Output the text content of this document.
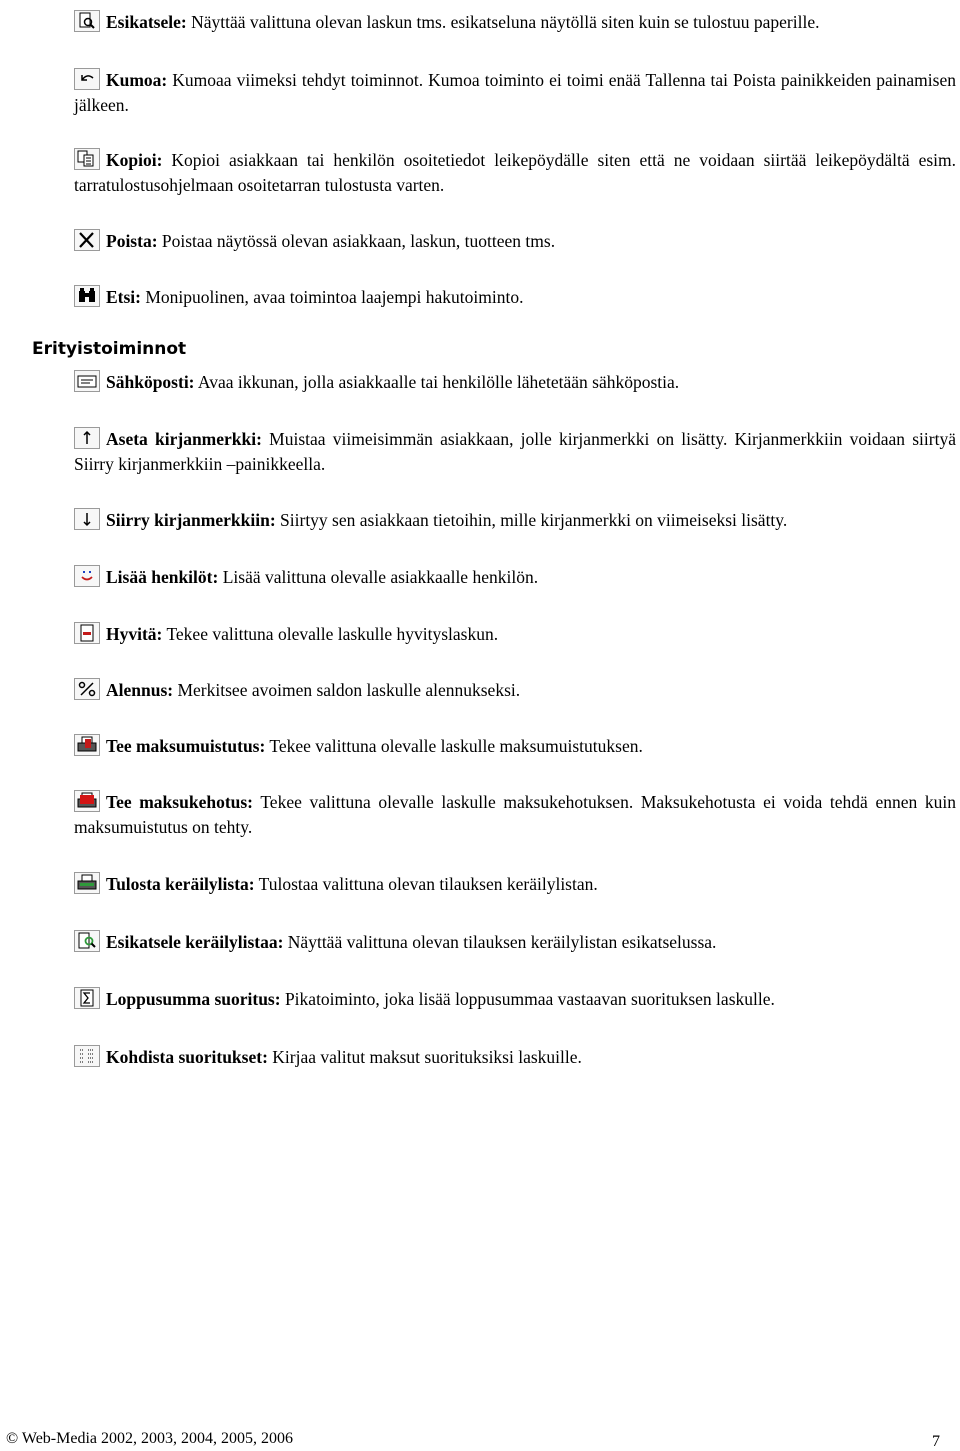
Esikatsele: Näyttää valittuna olevan laskun tms. esikatseluna näytöllä siten kuin se tulostuu paperille.
Kumoa: Kumoaa viimeksi tehdyt toiminnot. Kumoa toiminto ei toimi enää Tallenna tai Poista painikkeiden painamisen jälkeen.
Kopioi: Kopioi asiakkaan tai henkilön osoitetiedot leikepöydälle siten että ne voidaan siirtää leikepöydältä esim. tarratulostusohjelmaan osoitetarran tulostusta varten.
Poista: Poistaa näytössä olevan asiakkaan, laskun, tuotteen tms.
Etsi: Monipuolinen, avaa toimintoa laajempi hakutoiminto.
Erityistoiminnot
Sähköposti: Avaa ikkunan, jolla asiakkaalle tai henkilölle lähetetään sähköpostia.
Aseta kirjanmerkki: Muistaa viimeisimmän asiakkaan, jolle kirjanmerkki on lisätty. Kirjanmerkkiin voidaan siirtyä Siirry kirjanmerkkiin –painikkeella.
Siirry kirjanmerkkiin: Siirtyy sen asiakkaan tietoihin, mille kirjanmerkki on viimeiseksi lisätty.
Lisää henkilöt: Lisää valittuna olevalle asiakkaalle henkilön.
Hyvitä: Tekee valittuna olevalle laskulle hyvityslaskun.
Alennus: Merkitsee avoimen saldon laskulle alennukseksi.
Tee maksumuistutus: Tekee valittuna olevalle laskulle maksumuistutuksen.
Tee maksukehotus: Tekee valittuna olevalle laskulle maksukehotuksen. Maksukehotusta ei voida tehdä ennen kuin maksumuistutus on tehty.
Tulosta keräilylista: Tulostaa valittuna olevan tilauksen keräilylistan.
Esikatsele keräilylistaa: Näyttää valittuna olevan tilauksen keräilylistan esikatselussa.
Loppusumma suoritus: Pikatoiminto, joka lisää loppusummaa vastaavan suorituksen laskulle.
Kohdista suoritukset: Kirjaa valitut maksut suorituksiksi laskuille.
© Web-Media 2002, 2003, 2004, 2005, 2006	7
